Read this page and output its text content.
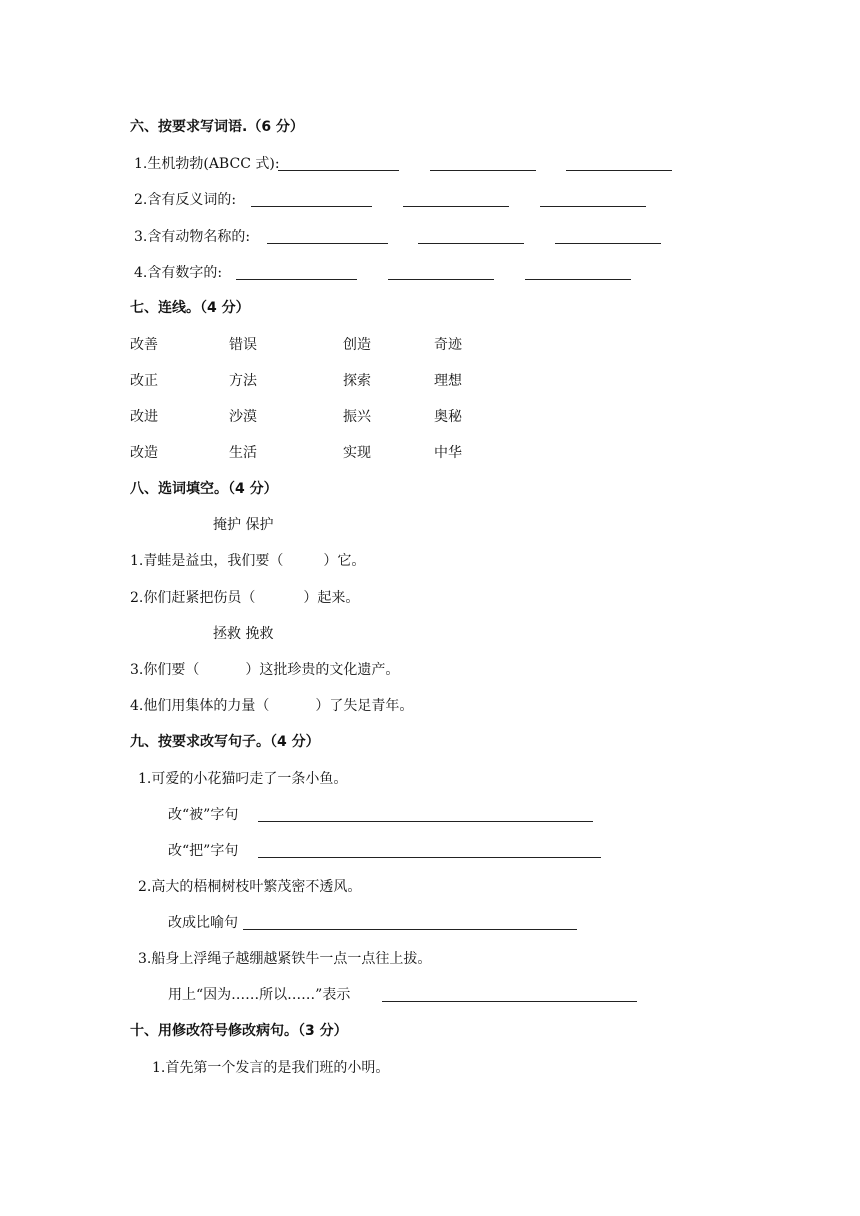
六、按要求写词语.（6 分）
1.生机勃勃(ABCC 式):
2.含有反义词的:
3.含有动物名称的:
4.含有数字的:
七、连线。（4 分）
改善	错误	创造	奇迹
改正	方法	探索	理想
改进	沙漠	振兴	奥秘
改造	生活	实现	中华
八、选词填空。（4 分）
掩护 保护
1.青蛙是益虫，我们要（	）它。
2.你们赶紧把伤员（	）起来。
拯救 挽救
3.你们要（	）这批珍贵的文化遗产。
4.他们用集体的力量（	）了失足青年。
九、按要求改写句子。（4 分）
1.可爱的小花猫叼走了一条小鱼。
改“被”字句
改“把”字句
2.高大的梧桐树枝叶繁茂密不透风。
改成比喻句
3.船身上浮绳子越绷越紧铁牛一点一点往上拔。
用上“因为……所以……”表示
十、用修改符号修改病句。（3 分）
1.首先第一个发言的是我们班的小明。
